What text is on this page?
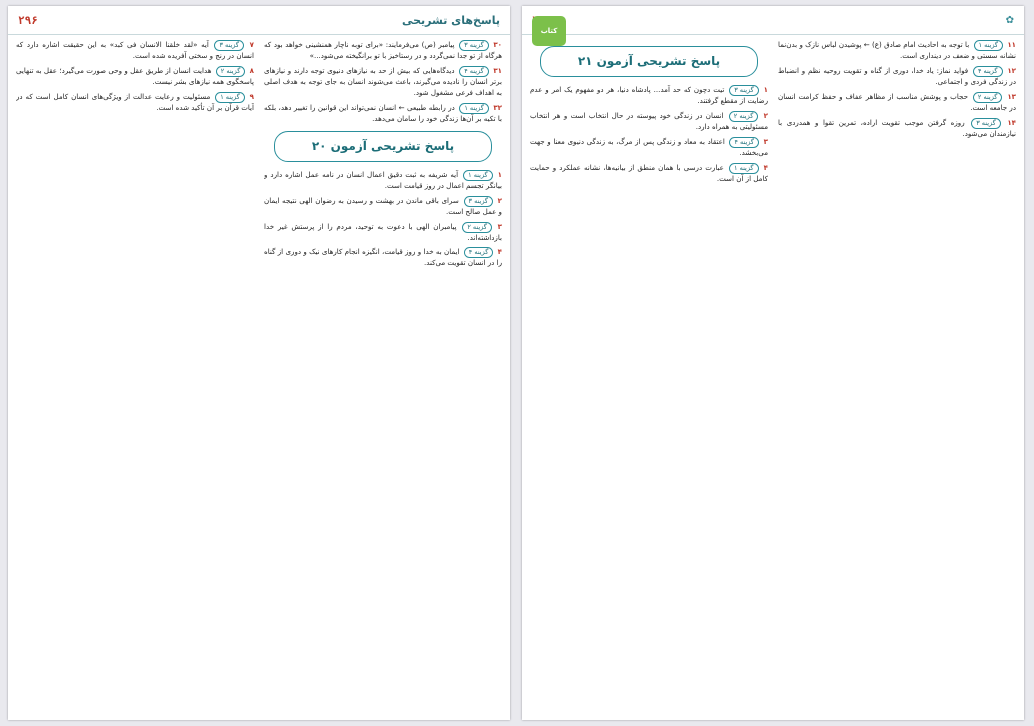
پاسخ‌های تشریحی
۲۹۶
۳۰ گزینه ۳ پیامبر (ص) می‌فرمایند: «برای توبه ناچار همنشینی خواهد بود که هرگاه از تو جدا نمی‌گردد و در رستاخیز با تو برانگیخته می‌شود...»
۳۱ گزینه ۴ دیدگاه‌هایی که بیش از حد به نیازهای دنیوی توجه دارند و نیازهای برتر انسان را نادیده می‌گیرند، باعث می‌شوند انسان به جای توجه به هدف اصلی به اهداف فرعی مشغول شود.
۳۲ گزینه ۱ در رابطه طبیعی ← انسان نمی‌تواند این قوانین را تغییر دهد، بلکه با تکیه بر آن‌ها زندگی خود را سامان می‌دهد.
پاسخ تشریحی آزمون ۲۰
۱ گزینه ۱ آیه شریفه به ثبت دقیق اعمال انسان در نامه عمل اشاره دارد و بیانگر تجسم اعمال در روز قیامت است.
۲ گزینه ۳ سرای باقی ماندن در بهشت و رسیدن به رضوان الهی نتیجه ایمان و عمل صالح است.
۳ گزینه ۲ پیامبران الهی با دعوت به توحید، مردم را از پرستش غیر خدا بازداشته‌اند.
۴ گزینه ۴ ایمان به خدا و روز قیامت، انگیزه انجام کارهای نیک و دوری از گناه را در انسان تقویت می‌کند.
۷ گزینه ۳ آیه «لقد خلقنا الانسان فی کبد» به این حقیقت اشاره دارد که انسان در رنج و سختی آفریده شده است.
۸ گزینه ۲ هدایت انسان از طریق عقل و وحی صورت می‌گیرد؛ عقل به تنهایی پاسخگوی همه نیازهای بشر نیست.
۹ گزینه ۱ مسئولیت و رعایت عدالت از ویژگی‌های انسان کامل است که در آیات قرآن بر آن تأکید شده است.
✿
کتاب
۱۱ گزینه ۱ با توجه به احادیث امام صادق (ع) ← پوشیدن لباس نازک و بدن‌نما نشانه سستی و ضعف در دینداری است.
۱۲ گزینه ۴ فواید نماز: یاد خدا، دوری از گناه و تقویت روحیه نظم و انضباط در زندگی فردی و اجتماعی.
۱۳ گزینه ۲ حجاب و پوشش مناسب از مظاهر عفاف و حفظ کرامت انسان در جامعه است.
۱۴ گزینه ۳ روزه گرفتن موجب تقویت اراده، تمرین تقوا و همدردی با نیازمندان می‌شود.
پاسخ تشریحی آزمون ۲۱
۱ گزینه ۳ تیت دچون که حد آمد... پادشاه دنیا، هر دو مفهوم یک امر و عدم رضایت از مقطع گرفتند.
۲ گزینه ۲ انسان در زندگی خود پیوسته در حال انتخاب است و هر انتخاب مسئولیتی به همراه دارد.
۳ گزینه ۴ اعتقاد به معاد و زندگی پس از مرگ، به زندگی دنیوی معنا و جهت می‌بخشد.
۴ گزینه ۱ عبارت درسی با همان منطق از بیانیه‌ها، نشانه عملکرد و حمایت کامل از آن است.
